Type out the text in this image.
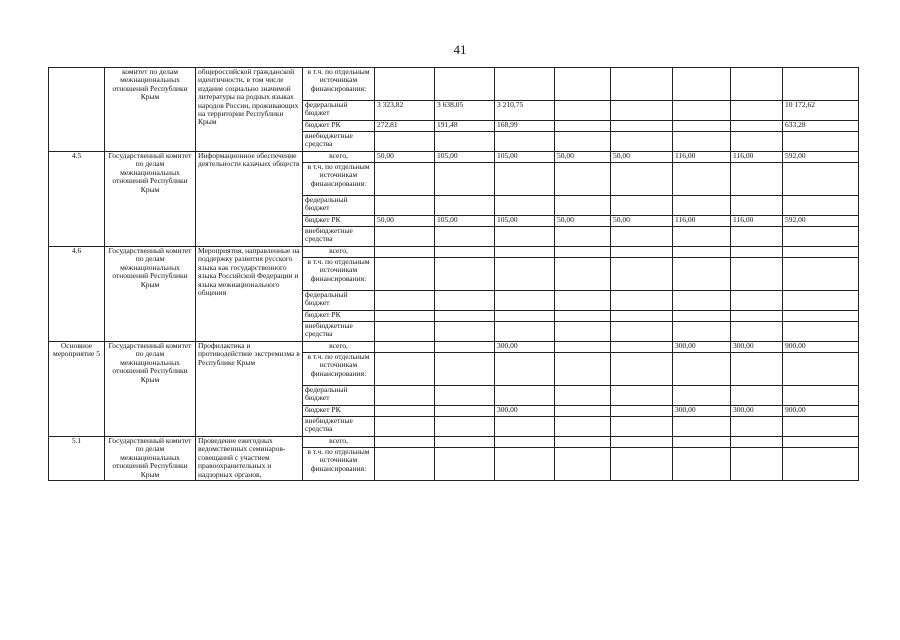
41
	комитет по делам межнациональных отношений Республики Крым	общероссийской гражданской идентичности, в том числе издание социально значимой литературы на родных языках народов России, проживающих на территории Республики Крым	в т.ч. по отдельным источникам финансирования:								
			федеральный бюджет	3 323,82	3 638,05	3 210,75					10 172,62
			бюджет РК	272,81	191,48	168,99					633,28
			внебюджетные средства								
4.5	Государственный комитет по делам межнациональных отношений Республики Крым	Информационное обеспечение деятельности казачьих обществ	всего,	50,00	105,00	105,00	50,00	50,00	116,00	116,00	592,00
			в т.ч. по отдельным источникам финансирования:								
			федеральный бюджет								
			бюджет РК	50,00	105,00	105,00	50,00	50,00	116,00	116,00	592,00
			внебюджетные средства								
4.6	Государственный комитет по делам межнациональных отношений Республики Крым	Мероприятия, направленные на поддержку развития русского языка как государственного языка Российской Федерации и языка межнационального общения	всего,								
			в т.ч. по отдельным источникам финансирования:								
			федеральный бюджет								
			бюджет РК								
			внебюджетные средства								
Основное мероприятие 5	Государственный комитет по делам межнациональных отношений Республики Крым	Профилактика и противодействие экстремизма в Республике Крым	всего,			300,00			300,00	300,00	900,00
			в т.ч. по отдельным источникам финансирования:								
			федеральный бюджет								
			бюджет РК			300,00			300,00	300,00	900,00
			внебюджетные средства								
5.1	Государственный комитет по делам межнациональных отношений Республики Крым	Проведение ежегодных ведомственных семинаров-совещаний с участием правоохранительных и надзорных органов,	всего,								
			в т.ч. по отдельным источникам финансирования:								
